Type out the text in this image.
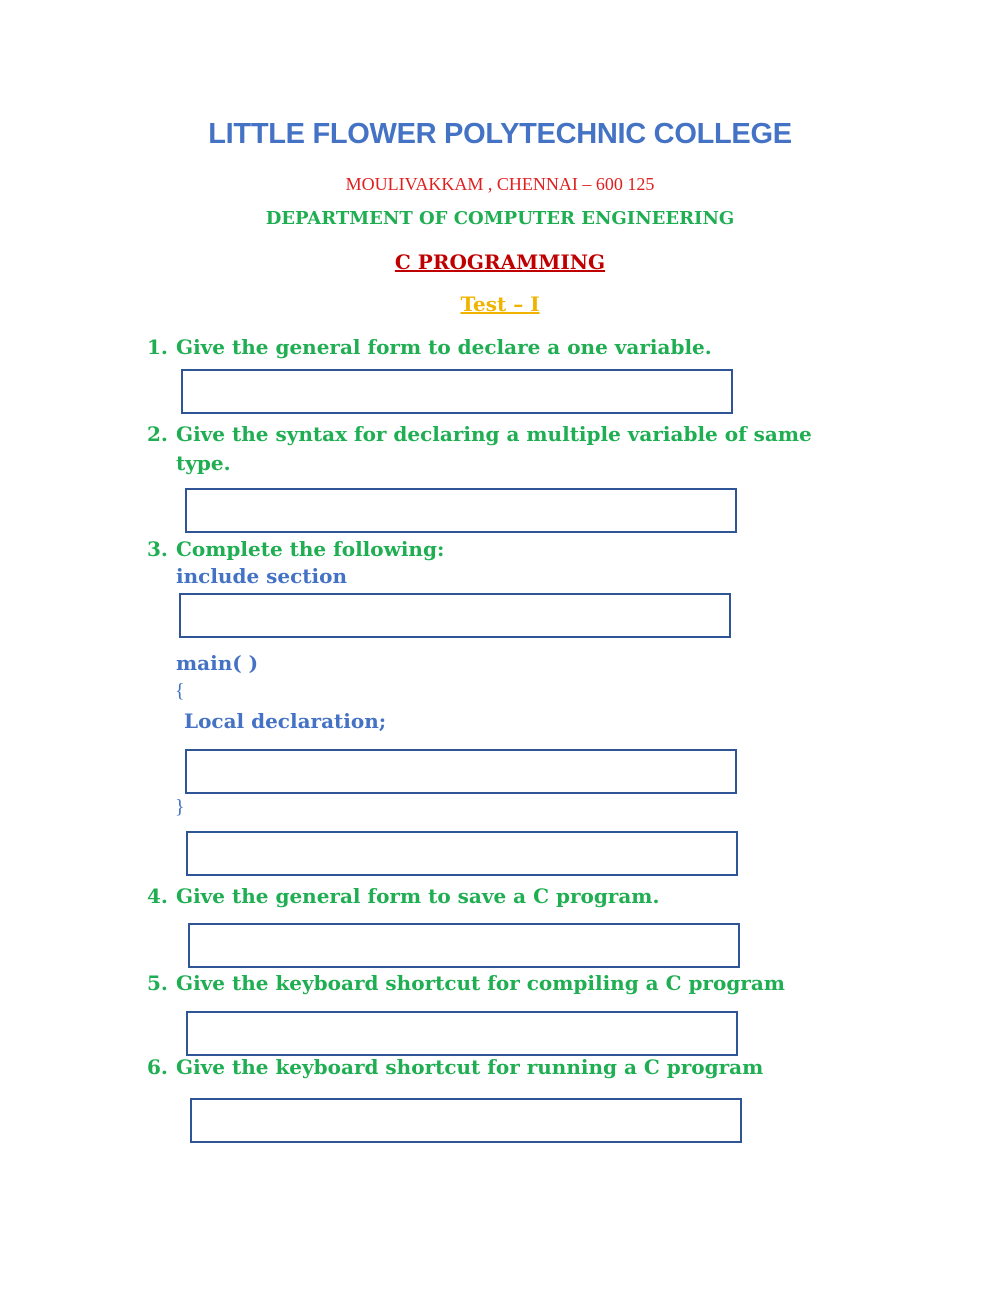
LITTLE FLOWER POLYTECHNIC COLLEGE
MOULIVAKKAM , CHENNAI – 600 125
DEPARTMENT OF COMPUTER ENGINEERING
C PROGRAMMING
Test – I
1. Give the general form to declare a one variable.
2. Give the syntax for declaring a multiple variable of same
type.
3. Complete the following:
include section
main( )
{
Local declaration;
}
4. Give the general form to save a C program.
5. Give the keyboard shortcut for compiling a C program
6. Give the keyboard shortcut for running a C program
